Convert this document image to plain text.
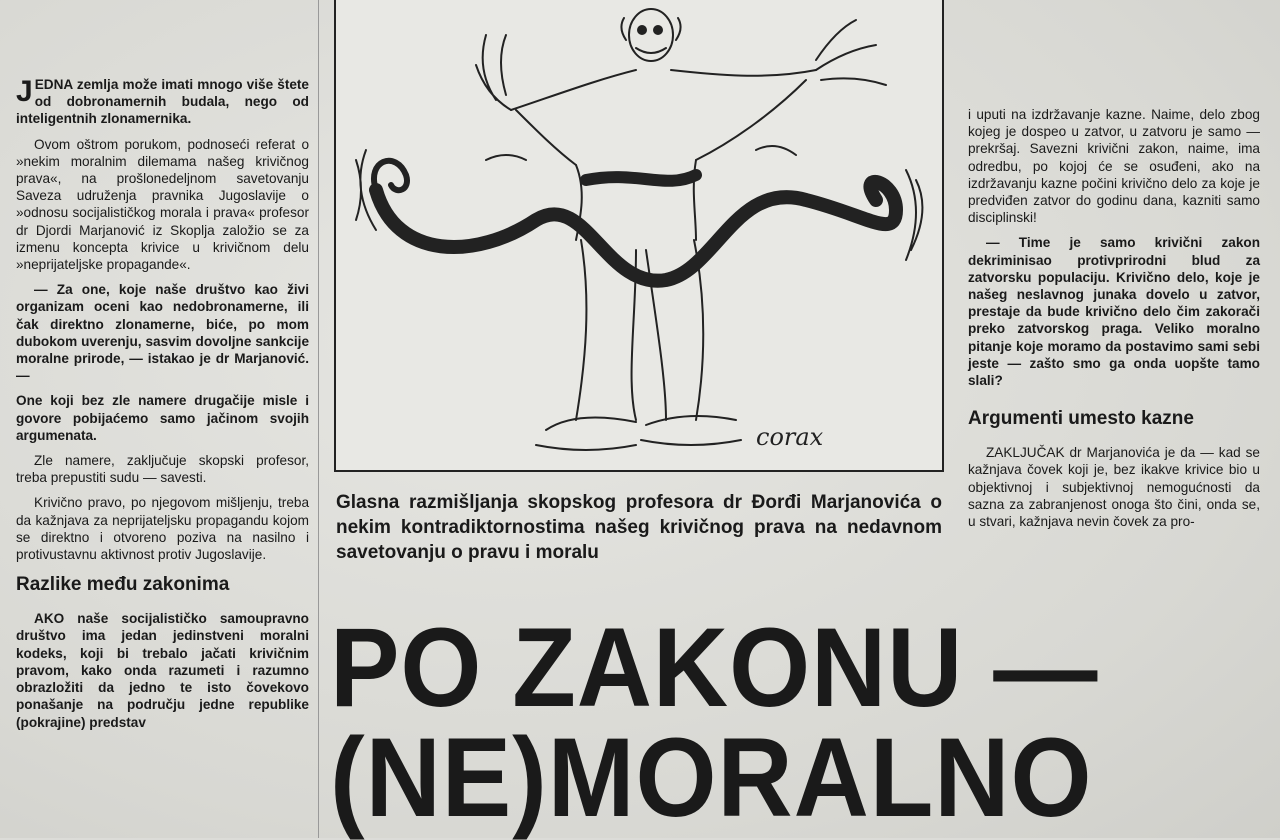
JEDNA zemlja može imati mnogo više štete od dobronamernih budala, nego od inteligentnih zlonamernika.

Ovom oštrom porukom, podnoseći referat o »nekim moralnim dilemama našeg krivičnog prava«, na prošlonedeljnom savetovanju Saveza udruženja pravnika Jugoslavije o »odnosu socijalističkog morala i prava« profesor dr Djordi Marjanović iz Skoplja založio se za izmenu koncepta krivice u krivičnom delu »neprijateljske propagande«.

— Za one, koje naše društvo kao živi organizam oceni kao nedobronamerne, ili čak direktno zlonamerne, biće, po mom dubokom uverenju, sasvim dovoljne sankcije moralne prirode, — istakao je dr Marjanović. —

One koji bez zle namere drugačije misle i govore pobijaćemo samo jačinom svojih argumenata.

Zle namere, zaključuje skopski profesor, treba prepustiti sudu — savesti.

Krivično pravo, po njegovom mišljenju, treba da kažnjava za neprijateljsku propagandu kojom se direktno i otvoreno poziva na nasilno i protivustavnu aktivnost protiv Jugoslavije.

Razlike među zakonima

AKO naše socijalističko samoupravno društvo ima jedan jedinstveni moralni kodeks, koji bi trebalo jačati krivičnim pravom, kako onda razumeti i razumno obrazložiti da jedno te isto čovekovo ponašanje na području jedne republike (pokrajine) predstav

corax
Glasna razmišljanja skopskog profesora dr Đorđi Marjanovića o nekim kontradiktornostima našeg krivičnog prava na nedavnom savetovanju o pravu i moralu
PO ZAKONU —
(NE)MORALNO

i uputi na izdržavanje kazne. Naime, delo zbog kojeg je dospeo u zatvor, u zatvoru je samo — prekršaj. Savezni krivični zakon, naime, ima odredbu, po kojoj će se osuđeni, ako na izdržavanju kazne počini krivično delo za koje je predviđen zatvor do godinu dana, kazniti samo disciplinski!

— Time je samo krivični zakon dekriminisao protivprirodni blud za zatvorsku populaciju. Krivično delo, koje je našeg neslavnog junaka dovelo u zatvor, prestaje da bude krivično delo čim zakorači preko zatvorskog praga. Veliko moralno pitanje koje moramo da postavimo sami sebi jeste — zašto smo ga onda uopšte tamo slali?

Argumenti umesto kazne

ZAKLJUČAK dr Marjanovića je da — kad se kažnjava čovek koji je, bez ikakve krivice bio u objektivnoj i subjektivnoj nemogućnosti da sazna za zabranjenost onoga što čini, onda se, u stvari, kažnjava nevin čovek za pro-
